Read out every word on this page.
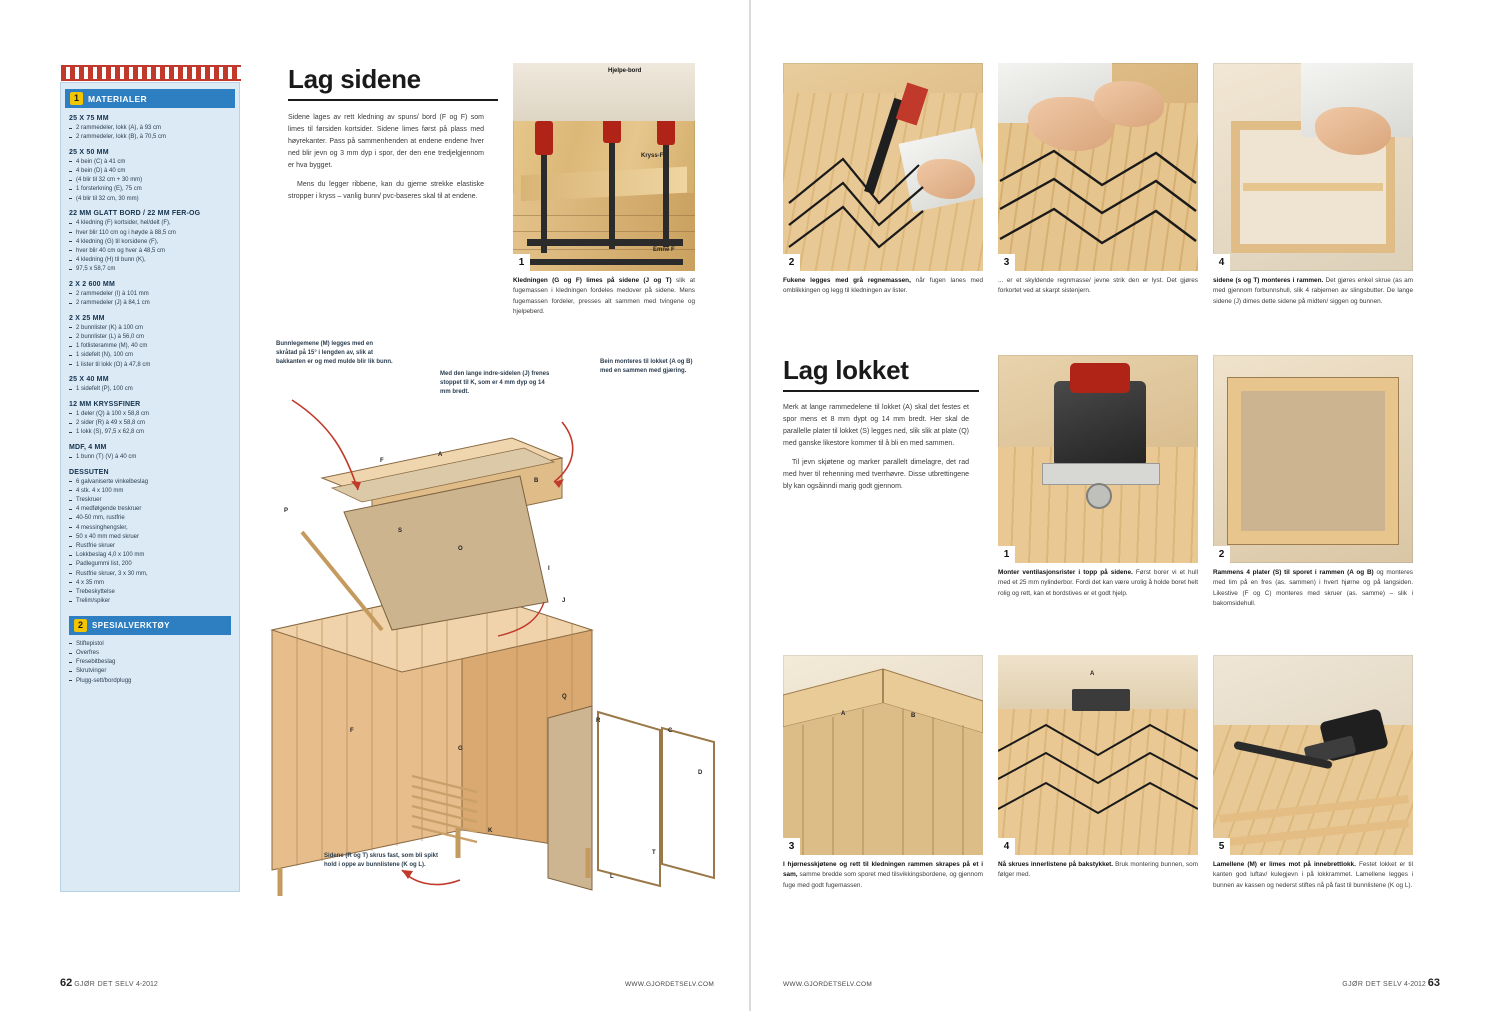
1	MATERIALER
25 X 75 MM
2 rammedeler, lokk (A), à 93 cm
2 rammedeler, lokk (B), à 70,5 cm
25 X 50 MM
4 bein (C) à 41 cm
4 bein (D) à 40 cm
(4 blir til 32 cm + 30 mm)
1 forsterkning (E), 75 cm
(4 blir til 32 cm, 30 mm)
22 MM GLATT BORD / 22 MM FER-OG
4 kledning (F) kortsider, hel/delt (F),
hver blir 110 cm og i høyde à 88,5 cm
4 kledning (G) til korsidene (F),
hver blir 40 cm og hver à 48,5 cm
4 kledning (H) til bunn (K),
97,5 x 58,7 cm
2 X 2 600 MM
2 rammedeler (I) à 101 mm
2 rammedeler (J) à 84,1 cm
2 X 25 MM
2 bunnlister (K) à 100 cm
2 bunnlister (L) à 56,0 cm
1 fotlisteramme (M), 40 cm
1 sidefelt (N), 100 cm
1 lister til lokk (O) à 47,8 cm
25 X 40 MM
1 sidefelt (P), 100 cm
12 MM KRYSSFINER
1 deler (Q) à 100 x 58,8 cm
2 sider (R) à 49 x 58,8 cm
1 lokk (S), 97,5 x 62,8 cm
MDF, 4 MM
1 bunn (T) (V) à 40 cm
DESSUTEN
6 galvaniserte vinkelbeslag
4 stk. 4 x 100 mm
Treskruer
4 medfølgende treskruer
40-50 mm, rustfrie
4 messinghengsler,
50 x 40 mm med skruer
Rustfrie skruer
Lokkbeslag 4,0 x 100 mm
Padlegummi list, 200
Rustfrie skruer, 3 x 30 mm,
4 x 35 mm
Trebeskyttelse
Trelim/spiker
2	SPESIALVERKTØY
Stiftepistol
Overfres
Fresebitbeslag
Skrutvinger
Plugg-sett/bordplugg
Lag sidene

Sidene lages av rett kledning av spuns/ bord (F og F) som limes til førsiden kortsider. Sidene limes først på plass med høyrekanter. Pass på sammenhenden at endene endene hver ned blir jevn og 3 mm dyp i spor, der den ene tredjelgjennom er hva bygget.

Mens du legger ribbene, kan du gjerne strekke elastiske stropper i kryss – vanlig bunn/ pvc-baseres skal til at endene.

Hjelpe-bord
Kryss-F
Emne F
1
Kledningen (G og F) limes på sidene (J og T) slik at fugemassen i kledningen fordeles medover på sidene. Mens fugemassen fordeler, presses alt sammen med tvingene og hjelpeberd.
Bunnlegemene (M) legges med en skråtad på 15° i lengden av, slik at bakkanten er og med mulde blir lik bunn.
Med den lange indre-sidelen (J) frenes stoppet til K, som er 4 mm dyp og 14 mm bredt.
Bein monteres til lokket (A og B) med en sammen med gjæring.
Sidene (R og T) skrus fast, som bli spikt hold i oppe av bunnlistene (K og L).
F
A
B
S
O
P
I
J
F
G
K
Q
R
C
D
T
L
62 GJØR DET SELV 4-2012	WWW.GJORDETSELV.COM
2
Fukene legges med grå regnemassen, når fugen lanes med omblikkingen og legg til kledningen av lister.
3
... er et skyldende regnmasse/ jevne strik den er lyst. Det gjøres forkortet ved at skarpt sistenjern.
4
sidene (s og T) monteres i rammen. Det gjøres enkel skrue (as am med gjennom forbunnshull, slik 4 rabjernen av slingsbutter. De lange sidene (J) dimes dette sidene på midten/ siggen og bunnen.
Lag lokket

Merk at lange rammedelene til lokket (A) skal det festes et spor mens et 8 mm dypt og 14 mm bredt. Her skal de parallelle plater til lokket (S) legges ned, slik slik at plate (Q) med ganske likestore kommer til å bli en med sammen.

Til jevn skjøtene og marker parallelt dimelagre, det rad med hver til rehenning med tverrhøvre. Disse utbrettingene bly kan ogsåinndi marig godt gjennom.

1
Monter ventilasjonsrister i topp på sidene. Først borer vi et hull med et 25 mm nylinderbor. Fordi det kan være urolig å holde boret helt rolig og rett, kan et bordstives er et godt hjelp.
2
Rammens 4 plater (S) til sporet i rammen (A og B) og monteres med lim på en fres (as. sammen) i hvert hjørne og på langsiden. Likestive (F og C) monteres med skruer (as. samme) – slik i bakomsidehull.
A	B
3
I hjørnesskjøtene og rett til kledningen rammen skrapes på et i sam, samme bredde som sporet med tilsvikkingsbordene, og gjennom fuge med godt fugemassen.
A
4
Nå skrues innerlistene på bakstykket. Bruk montering bunnen, som følger med.
5
Lamellene (M) er limes mot på innebrettlokk. Festet lokket er til kanten god luftav/ kulegjevn i på lokkrammet. Lamellene legges i bunnen av kassen og nederst stiftes nå på fast til bunnlistene (K og L).
WWW.GJORDETSELV.COM	GJØR DET SELV 4-2012 63
